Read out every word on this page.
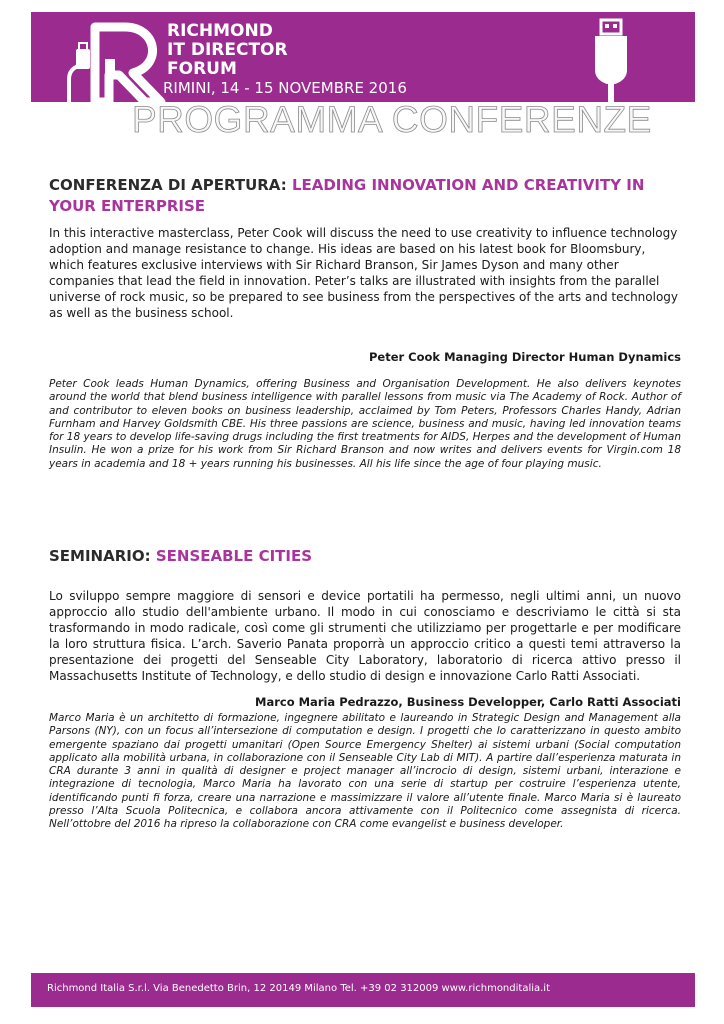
RICHMOND
IT DIRECTOR
FORUM
RIMINI, 14 - 15 NOVEMBRE 2016
PROGRAMMA CONFERENZE
CONFERENZA DI APERTURA: LEADING INNOVATION AND CREATIVITY IN YOUR ENTERPRISE

In this interactive masterclass, Peter Cook will discuss the need to use creativity to influence technology adoption and manage resistance to change. His ideas are based on his latest book for Bloomsbury, which features exclusive interviews with Sir Richard Branson, Sir James Dyson and many other companies that lead the field in innovation. Peter’s talks are illustrated with insights from the parallel universe of rock music, so be prepared to see business from the perspectives of the arts and technology as well as the business school.

Peter Cook Managing Director Human Dynamics

Peter Cook leads Human Dynamics, offering Business and Organisation Development. He also delivers keynotes around the world that blend business intelligence with parallel lessons from music via The Academy of Rock. Author of and contributor to eleven books on business leadership, acclaimed by Tom Peters, Professors Charles Handy, Adrian Furnham and Harvey Goldsmith CBE. His three passions are science, business and music, having led innovation teams for 18 years to develop life-saving drugs including the first treatments for AIDS, Herpes and the development of Human Insulin. He won a prize for his work from Sir Richard Branson and now writes and delivers events for Virgin.com 18 years in academia and 18 + years running his businesses. All his life since the age of four playing music.

SEMINARIO: SENSEABLE CITIES

Lo sviluppo sempre maggiore di sensori e device portatili ha permesso, negli ultimi anni, un nuovo approccio allo studio dell'ambiente urbano. Il modo in cui conosciamo e descriviamo le città si sta trasformando in modo radicale, così come gli strumenti che utilizziamo per progettarle e per modificare la loro struttura fisica. L’arch. Saverio Panata proporrà un approccio critico a questi temi attraverso la presentazione dei progetti del Senseable City Laboratory, laboratorio di ricerca attivo presso il Massachusetts Institute of Technology, e dello studio di design e innovazione Carlo Ratti Associati.

Marco Maria Pedrazzo, Business Developper, Carlo Ratti Associati

Marco Maria è un architetto di formazione, ingegnere abilitato e laureando in Strategic Design and Management alla Parsons (NY), con un focus all’intersezione di computation e design. I progetti che lo caratterizzano in questo ambito emergente spaziano dai progetti umanitari (Open Source Emergency Shelter) ai sistemi urbani (Social computation applicato alla mobilità urbana, in collaborazione con il Senseable City Lab di MIT). A partire dall’esperienza maturata in CRA durante 3 anni in qualità di designer e project manager all’incrocio di design, sistemi urbani, interazione e integrazione di tecnologia, Marco Maria ha lavorato con una serie di startup per costruire l’esperienza utente, identificando punti fi forza, creare una narrazione e massimizzare il valore all’utente finale. Marco Maria si è laureato presso l’Alta Scuola Politecnica, e collabora ancora attivamente con il Politecnico come assegnista di ricerca. Nell’ottobre del 2016 ha ripreso la collaborazione con CRA come evangelist e business developer.

Richmond Italia S.r.l. Via Benedetto Brin, 12 20149 Milano Tel. +39 02 312009 www.richmonditalia.it
